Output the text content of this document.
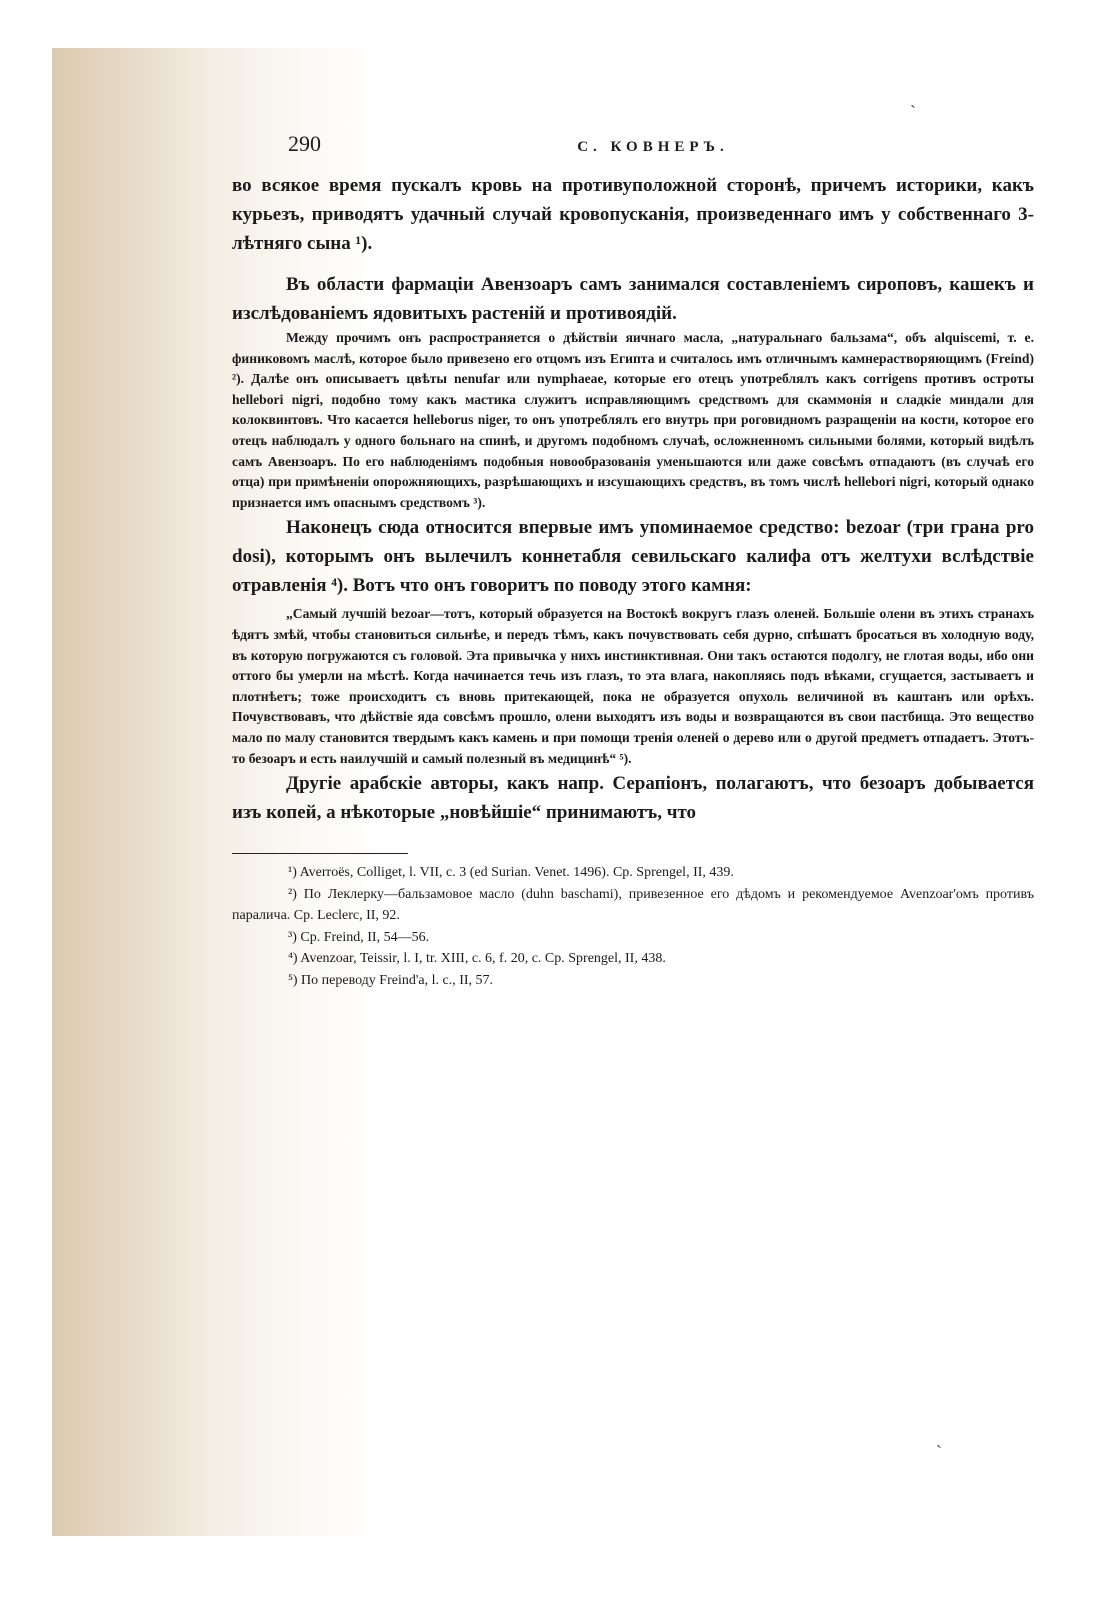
ˏ
ˏ
290	С. КОВНЕРЪ.

во всякое время пускалъ кровь на противуположной сторонѣ, причемъ историки, какъ курьезъ, приводятъ удачный случай кровопусканія, произведеннаго имъ у собственнаго 3-лѣтняго сына ¹).

Въ области фармаціи Авензоаръ самъ занимался составленіемъ сироповъ, кашекъ и изслѣдованіемъ ядовитыхъ растеній и противоядій.

Между прочимъ онъ распространяется о дѣйствіи яичнаго масла, „натуральнаго бальзама“, объ alquiscemi, т. е. финиковомъ маслѣ, которое было привезено его отцомъ изъ Египта и считалось имъ отличнымъ камнерастворяющимъ (Freind) ²). Далѣе онъ описываетъ цвѣты nenufar или nymphaeae, которые его отецъ употреблялъ какъ corrigens противъ остроты hellebori nigri, подобно тому какъ мастика служитъ исправляющимъ средствомъ для скаммонія и сладкіе миндали для колоквинтовъ. Что касается helleborus niger, то онъ употреблялъ его внутрь при роговидномъ разращеніи на кости, которое его отецъ наблюдалъ у одного больнаго на спинѣ, и другомъ подобномъ случаѣ, осложненномъ сильными болями, который видѣлъ самъ Авензоаръ. По его наблюденіямъ подобныя новообразованія уменьшаются или даже совсѣмъ отпадаютъ (въ случаѣ его отца) при примѣненіи опорожняющихъ, разрѣшающихъ и изсушающихъ средствъ, въ томъ числѣ hellebori nigri, который однако признается имъ опаснымъ средствомъ ³).

Наконецъ сюда относится впервые имъ упоминаемое средство: bezoar (три грана pro dosi), которымъ онъ вылечилъ коннетабля севильскаго калифа отъ желтухи вслѣдствіе отравленія ⁴). Вотъ что онъ говоритъ по поводу этого камня:

„Самый лучшій bezoar—тотъ, который образуется на Востокѣ вокругъ глазъ оленей. Большіе олени въ этихъ странахъ ѣдятъ змѣй, чтобы становиться сильнѣе, и передъ тѣмъ, какъ почувствовать себя дурно, спѣшатъ бросаться въ холодную воду, въ которую погружаются съ головой. Эта привычка у нихъ инстинктивная. Они такъ остаются подолгу, не глотая воды, ибо они оттого бы умерли на мѣстѣ. Когда начинается течь изъ глазъ, то эта влага, накопляясь подъ вѣками, сгущается, застываетъ и плотнѣетъ; тоже происходитъ съ вновь притекающей, пока не образуется опухоль величиной въ каштанъ или орѣхъ. Почувствовавъ, что дѣйствіе яда совсѣмъ прошло, олени выходятъ изъ воды и возвращаются въ свои пастбища. Это вещество мало по малу становится твердымъ какъ камень и при помощи тренія оленей о дерево или о другой предметъ отпадаетъ. Этотъ-то безоаръ и есть наилучшій и самый полезный въ медицинѣ“ ⁵).

Другіе арабскіе авторы, какъ напр. Серапіонъ, полагаютъ, что безоаръ добывается изъ копей, а нѣкоторые „новѣйшіе“ принимаютъ, что

¹) Averroës, Colliget, l. VII, c. 3 (ed Surian. Venet. 1496). Ср. Sprengel, II, 439.

²) По Леклерку—бальзамовое масло (duhn baschami), привезенное его дѣдомъ и рекомендуемое Avenzoar'омъ противъ паралича. Ср. Leclerc, II, 92.

³) Ср. Freind, II, 54—56.

⁴) Avenzoar, Teissir, l. I, tr. XIII, c. 6, f. 20, c. Ср. Sprengel, II, 438.

⁵) По переводу Freind'a, l. c., II, 57.
